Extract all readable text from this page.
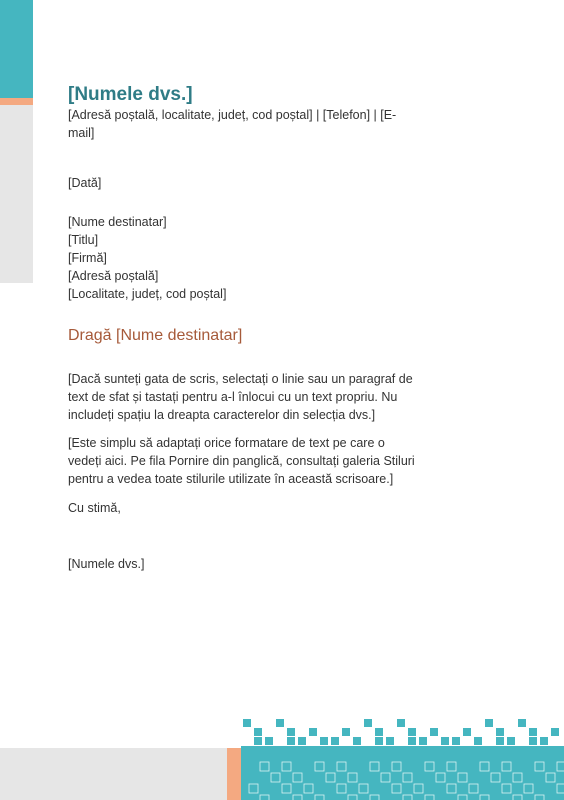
[Numele dvs.]
[Adresă poștală, localitate, județ, cod poștal] | [Telefon] | [E-mail]
[Dată]
[Nume destinatar]
[Titlu]
[Firmă]
[Adresă poștală]
[Localitate, județ, cod poștal]
Dragă [Nume destinatar]

[Dacă sunteți gata de scris, selectați o linie sau un paragraf de text de sfat și tastați pentru a-l înlocui cu un text propriu. Nu includeți spațiu la dreapta caracterelor din selecția dvs.]

[Este simplu să adaptați orice formatare de text pe care o vedeți aici. Pe fila Pornire din panglică, consultați galeria Stiluri pentru a vedea toate stilurile utilizate în această scrisoare.]

Cu stimă,
[Numele dvs.]
